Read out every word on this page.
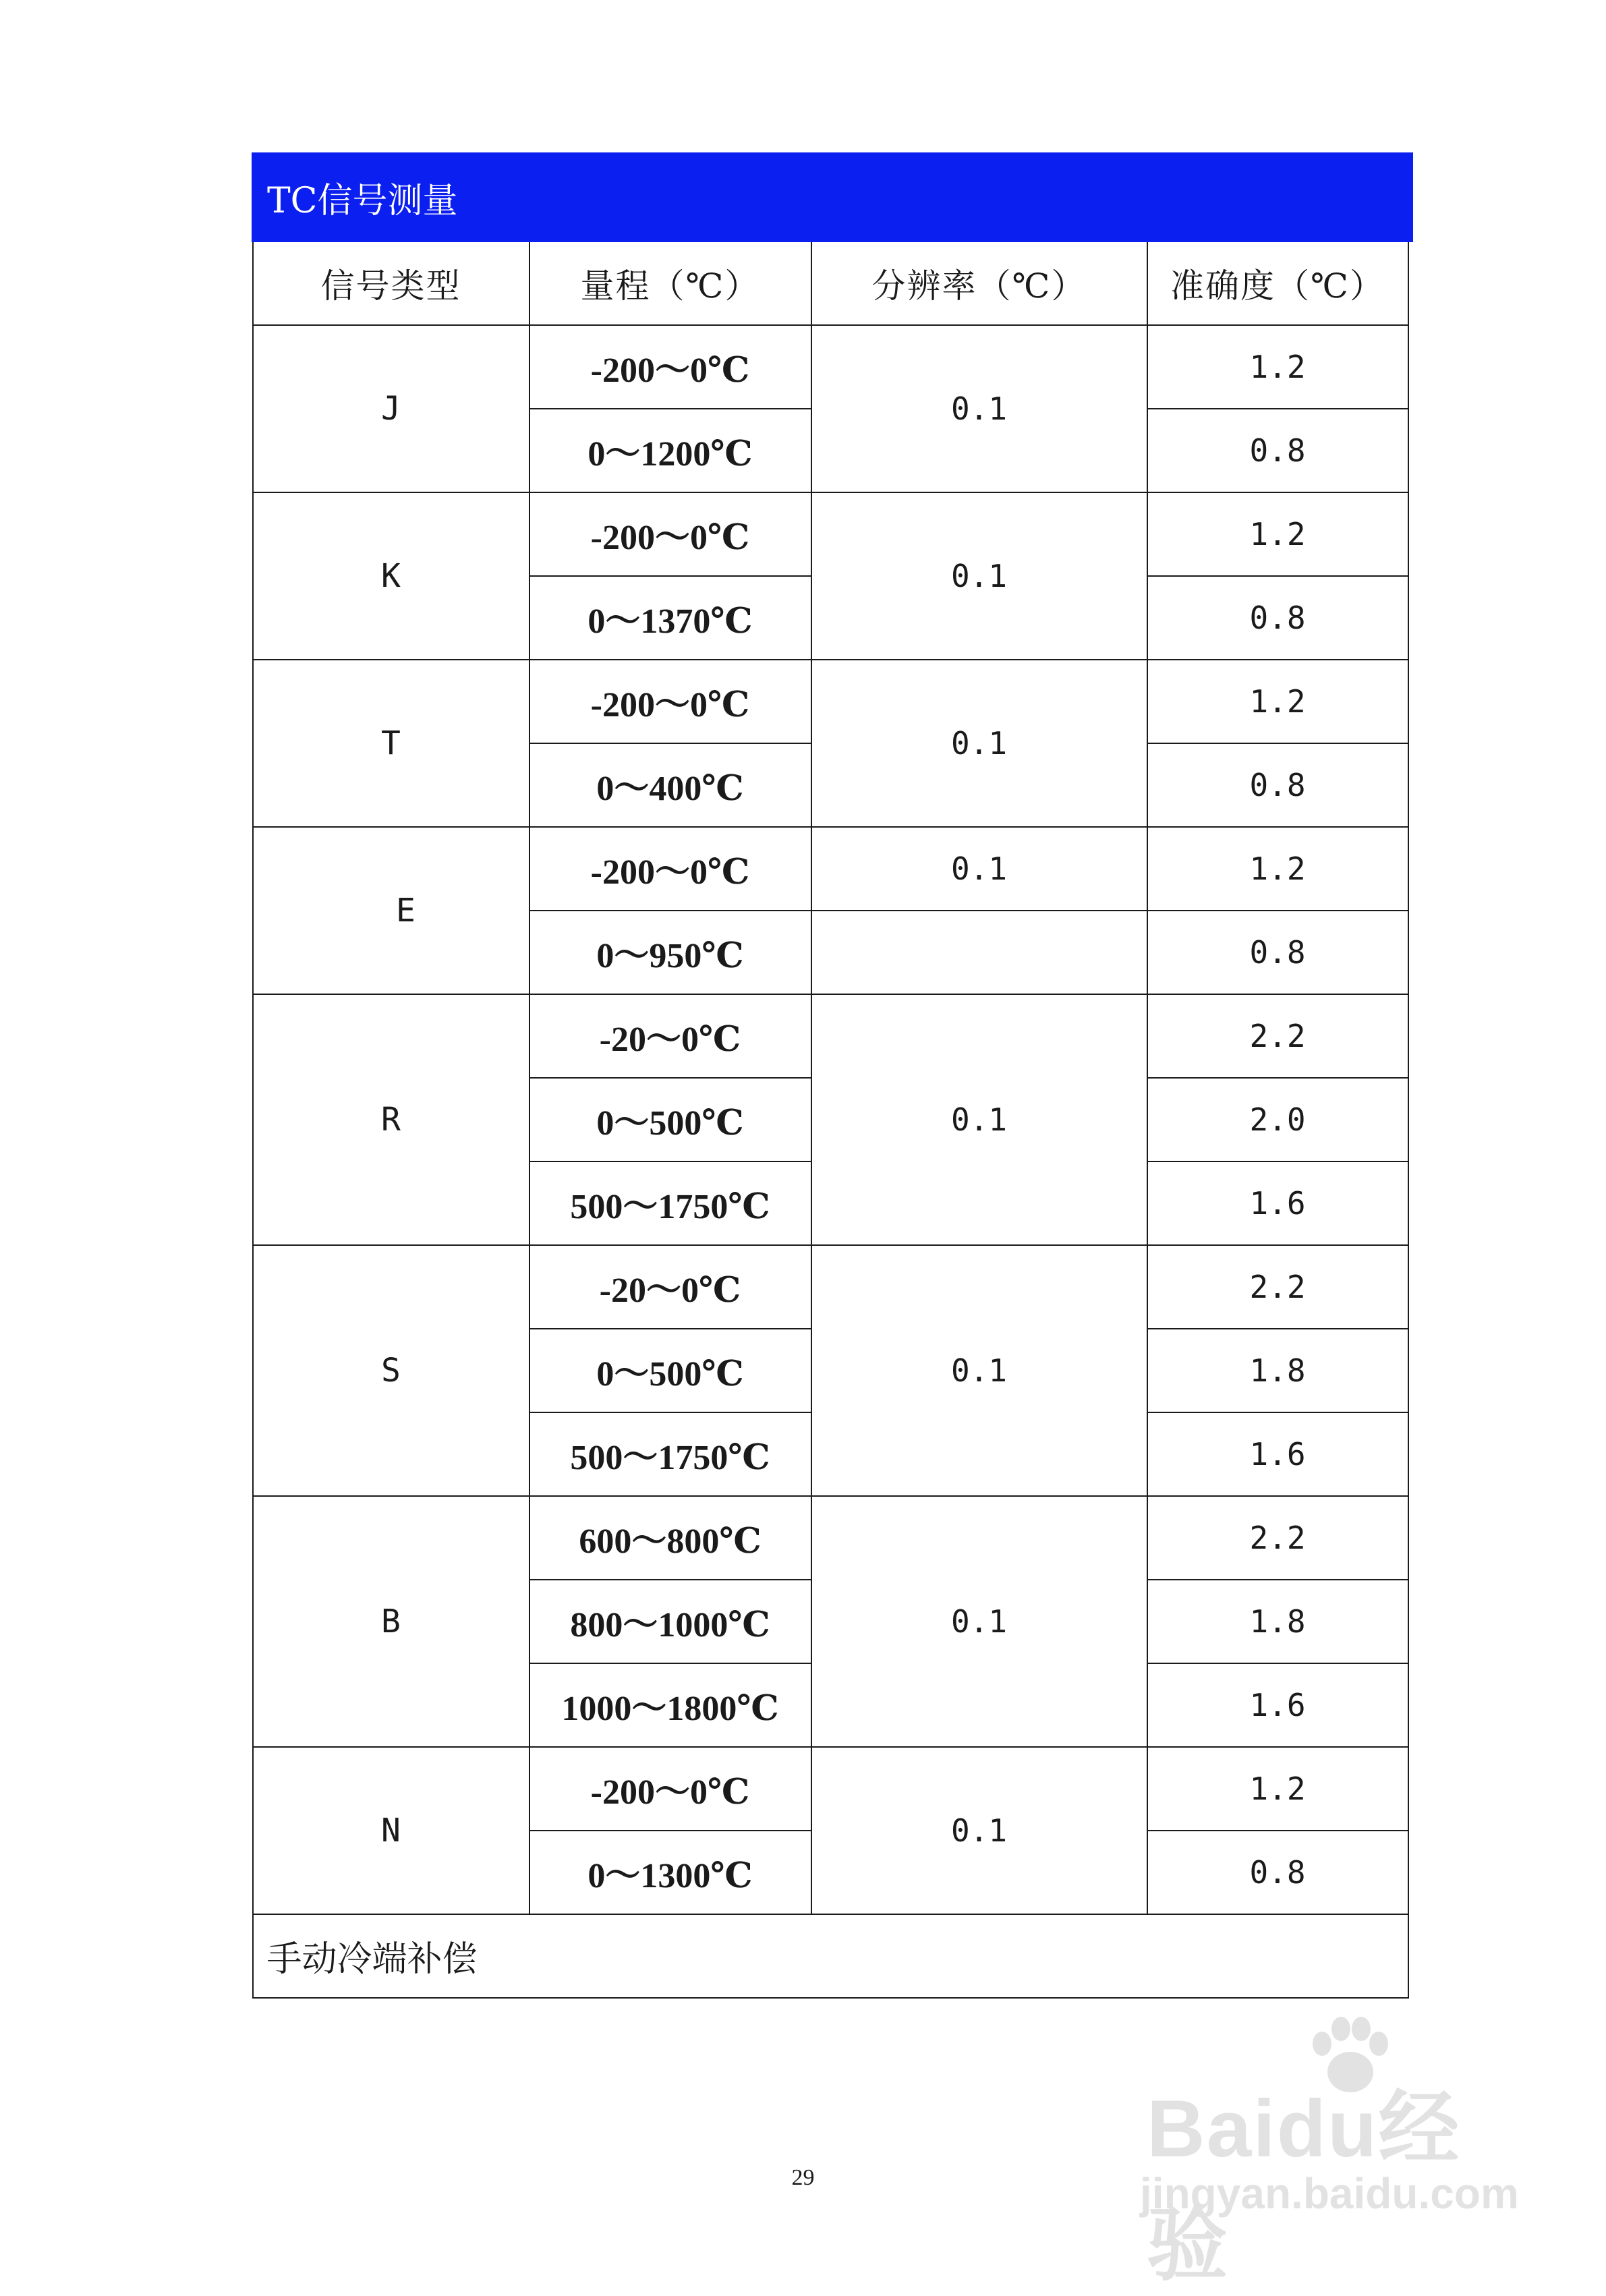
TC信号测量			
信号类型	量程（℃）	分辨率（℃）	准确度（℃）
J	-200～0℃	0.1	1.2
	0～1200℃		0.8
K	-200～0℃	0.1	1.2
	0～1370℃		0.8
T	-200～0℃	0.1	1.2
	0～400℃		0.8
E	-200～0℃	0.1	1.2
	0～950℃		0.8
R	-20～0℃	0.1	2.2
	0～500℃		2.0
	500～1750℃		1.6
S	-20～0℃	0.1	2.2
	0～500℃		1.8
	500～1750℃		1.6
B	600～800℃	0.1	2.2
	800～1000℃		1.8
	1000～1800℃		1.6
N	-200～0℃	0.1	1.2
	0～1300℃		0.8
手动冷端补偿			
29
Baidu经验
jingyan.baidu.com
